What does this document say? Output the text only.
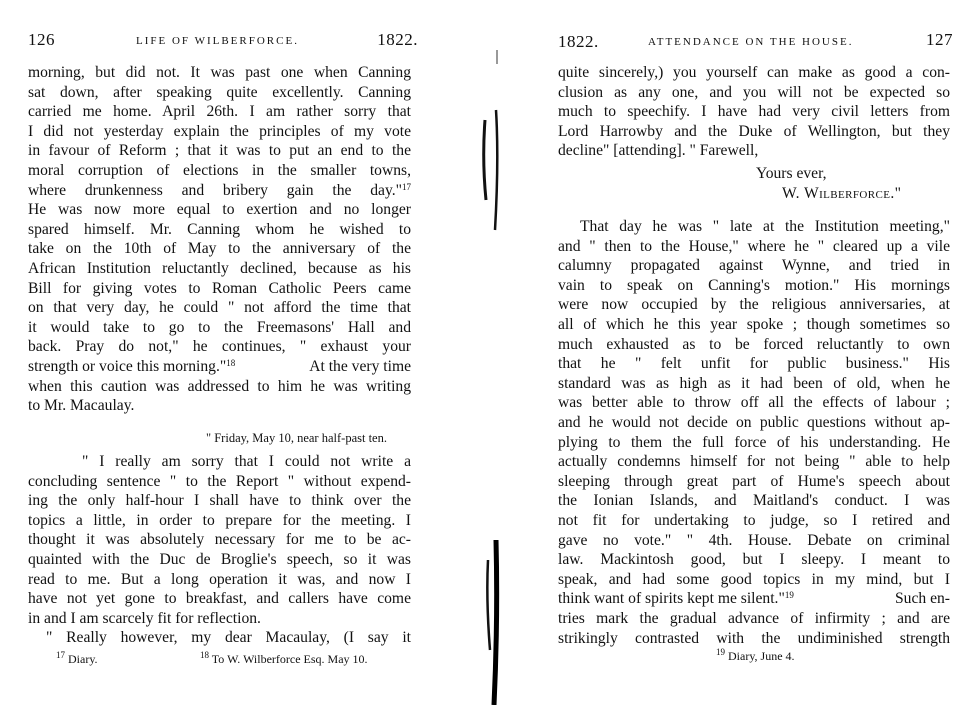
126	LIFE OF WILBERFORCE.	1822.
morning, but did not. It was past one when Canning
sat down, after speaking quite excellently. Canning
carried me home. April 26th. I am rather sorry that
I did not yesterday explain the principles of my vote
in favour of Reform ; that it was to put an end to the
moral corruption of elections in the smaller towns,
where drunkenness and bribery gain the day."$^{17}$
He was now more equal to exertion and no longer
spared himself. Mr. Canning whom he wished to
take on the 10th of May to the anniversary of the
African Institution reluctantly declined, because as his
Bill for giving votes to Roman Catholic Peers came
on that very day, he could " not afford the time that
it would take to go to the Freemasons' Hall and
back. Pray do not," he continues, " exhaust your
strength or voice this morning."$^{18}$	At the very time
when this caution was addressed to him he was writing
to Mr. Macaulay.
" Friday, May 10, near half-past ten.
" I really am sorry that I could not write a
concluding sentence " to the Report " without expend-
ing the only half-hour I shall have to think over the
topics a little, in order to prepare for the meeting. I
thought it was absolutely necessary for me to be ac-
quainted with the Duc de Broglie's speech, so it was
read to me. But a long operation it was, and now I
have not yet gone to breakfast, and callers have come
in and I am scarcely fit for reflection.
" Really however, my dear Macaulay, (I say it
$^{17}$ Diary.	$^{18}$ To W. Wilberforce Esq. May 10.
1822.	ATTENDANCE ON THE HOUSE.	127
quite sincerely,) you yourself can make as good a con-
clusion as any one, and you will not be expected so
much to speechify. I have had very civil letters from
Lord Harrowby and the Duke of Wellington, but they
decline" [attending]. " Farewell,
Yours ever,
W. Wilberforce."
That day he was " late at the Institution meeting,"
and " then to the House," where he " cleared up a vile
calumny propagated against Wynne, and tried in
vain to speak on Canning's motion." His mornings
were now occupied by the religious anniversaries, at
all of which he this year spoke ; though sometimes so
much exhausted as to be forced reluctantly to own
that he " felt unfit for public business." His
standard was as high as it had been of old, when he
was better able to throw off all the effects of labour ;
and he would not decide on public questions without ap-
plying to them the full force of his understanding. He
actually condemns himself for not being " able to help
sleeping through great part of Hume's speech about
the Ionian Islands, and Maitland's conduct. I was
not fit for undertaking to judge, so I retired and
gave no vote." " 4th. House. Debate on criminal
law. Mackintosh good, but I sleepy. I meant to
speak, and had some good topics in my mind, but I
think want of spirits kept me silent."$^{19}$	Such en-
tries mark the gradual advance of infirmity ; and are
strikingly contrasted with the undiminished strength
$^{19}$ Diary, June 4.
